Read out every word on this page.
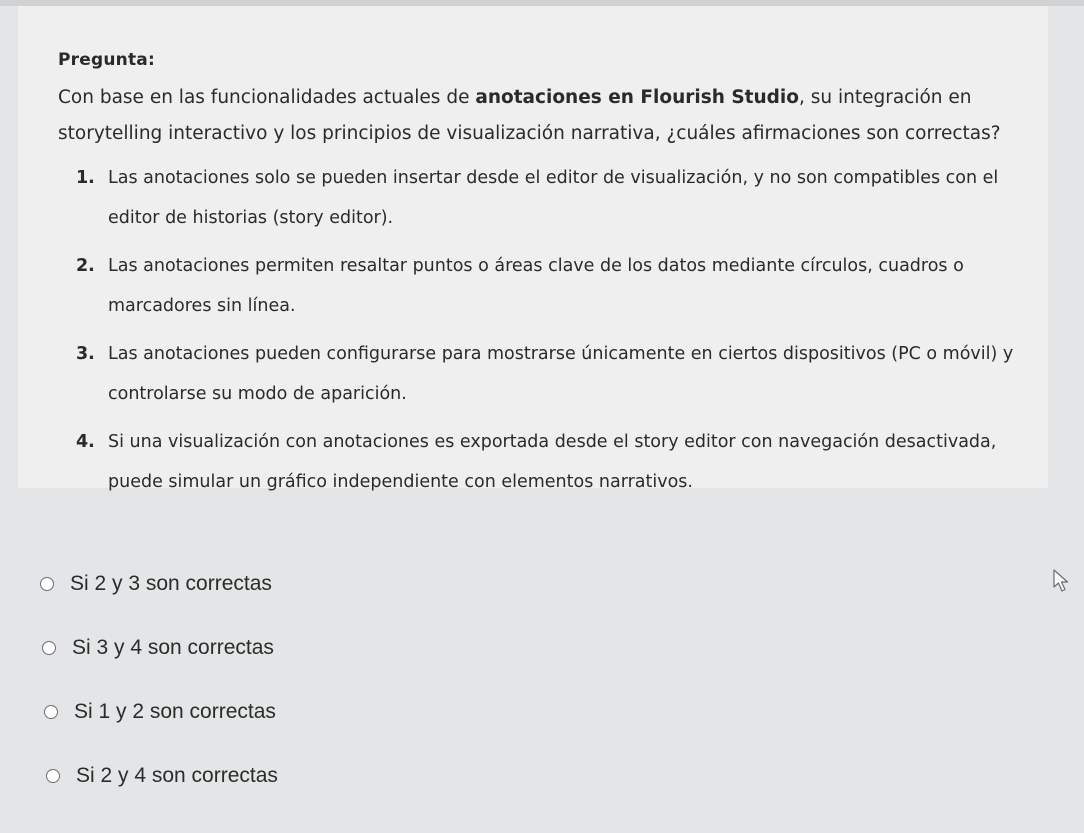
Pregunta:

Con base en las funcionalidades actuales de anotaciones en Flourish Studio, su integración en storytelling interactivo y los principios de visualización narrativa, ¿cuáles afirmaciones son correctas?

1. Las anotaciones solo se pueden insertar desde el editor de visualización, y no son compatibles con el editor de historias (story editor).
2. Las anotaciones permiten resaltar puntos o áreas clave de los datos mediante círculos, cuadros o marcadores sin línea.
3. Las anotaciones pueden configurarse para mostrarse únicamente en ciertos dispositivos (PC o móvil) y controlarse su modo de aparición.
4. Si una visualización con anotaciones es exportada desde el story editor con navegación desactivada, puede simular un gráfico independiente con elementos narrativos.
Si 2 y 3 son correctas
Si 3 y 4 son correctas
Si 1 y 2 son correctas
Si 2 y 4 son correctas
